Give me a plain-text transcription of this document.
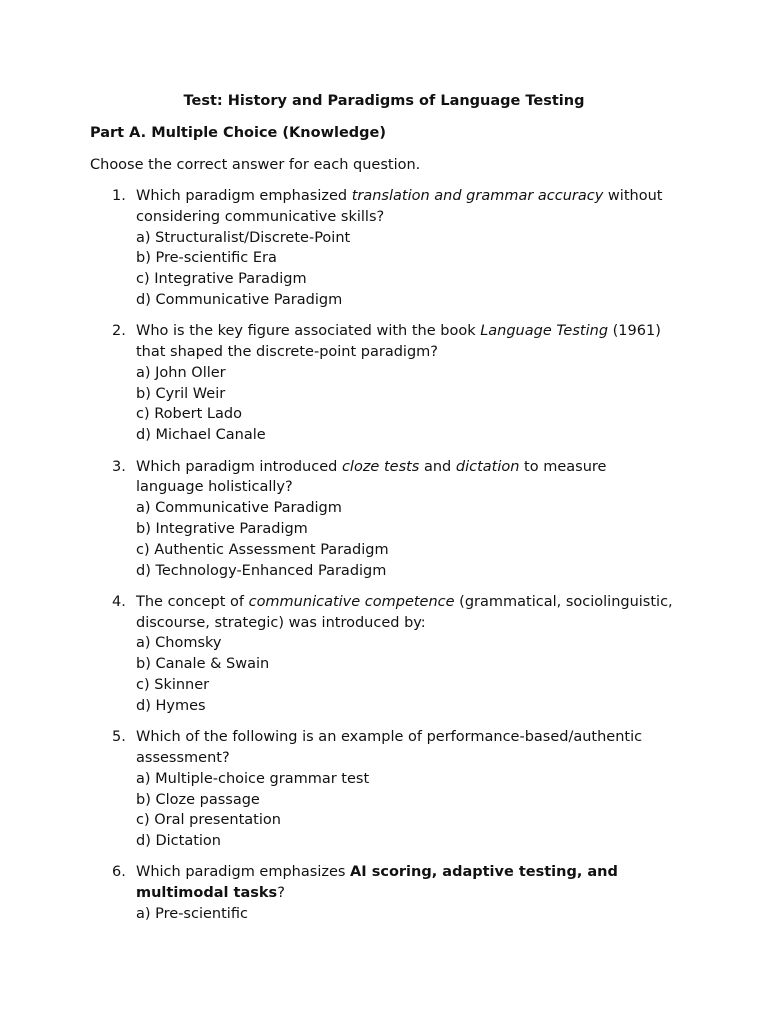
Test: History and Paradigms of Language Testing
Part A. Multiple Choice (Knowledge)

Choose the correct answer for each question.

1. Which paradigm emphasized translation and grammar accuracy without considering communicative skills?
a) Structuralist/Discrete-Point
b) Pre-scientific Era
c) Integrative Paradigm
d) Communicative Paradigm
2. Who is the key figure associated with the book Language Testing (1961) that shaped the discrete-point paradigm?
a) John Oller
b) Cyril Weir
c) Robert Lado
d) Michael Canale
3. Which paradigm introduced cloze tests and dictation to measure language holistically?
a) Communicative Paradigm
b) Integrative Paradigm
c) Authentic Assessment Paradigm
d) Technology-Enhanced Paradigm
4. The concept of communicative competence (grammatical, sociolinguistic, discourse, strategic) was introduced by:
a) Chomsky
b) Canale & Swain
c) Skinner
d) Hymes
5. Which of the following is an example of performance-based/authentic assessment?
a) Multiple-choice grammar test
b) Cloze passage
c) Oral presentation
d) Dictation
6. Which paradigm emphasizes AI scoring, adaptive testing, and multimodal tasks?
a) Pre-scientific
